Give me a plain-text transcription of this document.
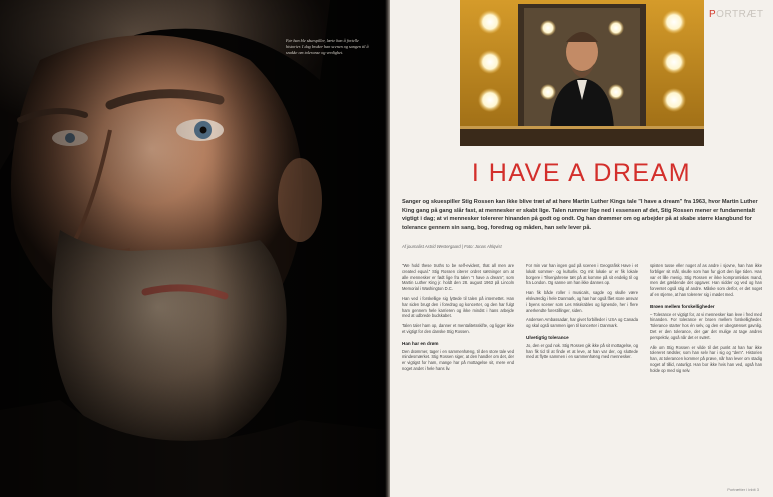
Før han ble skuespiller, lærte han å fortelle historier. I dag bruker han scenen og sangen til å snakke om toleranse og verdighet.
PORTRÆT
I HAVE A DREAM

Sanger og skuespiller Stig Rossen kan ikke blive træt af at høre Martin Luther Kings tale "I have a dream" fra 1963, hvor Martin Luther King gang på gang slår fast, at mennesker er skabt lige. Talen rummer lige ned i essensen af det, Stig Rossen mener er fundamentalt vigtigt i dag; at vi mennesker tolererer hinanden på godt og ondt. Og han drømmer om og arbejder på at skabe større klangbund for tolerance gennem sin sang, bog, foredrag og måden, han selv lever på.

Af journalist Astrid Westergaard | Foto: Jonas Ahlqvist

"We hold these truths to be self-evident, that all men are created equal." Stig Rossen citerer ordret sætninger om at alle mennesker er født lige fra talen "I have a dream", som Martin Luther King jr. holdt den 28. august 1963 på Lincoln Memorial i Washington D.C.

Han ved i forskellige sig lyttede til talen på internettet. Han har siden brugt den i foredrag og koncerter, og den har fulgt ham gennem hele karrieren og ikke mindst i hans arbejde med at udbrede budskabet.

Talen taler ham op, danner et mentalitetsskifte, og ligger ikke et vigtigt for den danske Stig Rossen.

Han har en drøm

Den drømmer, tager i en sammenhæng, til den store tale ved mindesmærket. Stig Rossen siger, at den handler om det, der er vigtigst for ham, mange har på mottagelse sit, mere end noget andet i hele hans liv.

For min var han ingen god på scenen i Geografisk Have i et lokalt sommer- og kulturliv. Og mit lokale ur er fik lokale borgere i Tilsenjahrene tæt på at komme på sit endelig til og fra London. Og sanne om han ikke dannes op.

Han fik både roller i musicals, sagde og skulle være elskværdig i hele Danmark, og han har også fået store ansvar i byens scener som Les Misérables og lignende, her i flere anerkendte forestillinger, siden.

Andersen Ambassadør, har givet forbilleder i USA og Canada og skal også sammen igen til koncerter i Danmark.

Ulvetigtig tolerance

Jo, den er god nok. Stig Rossen gik ikke på sit mottagelse, og han fik tid til at finde et at leve, at han var der, og sluttede med at flytte sammen i en sammenhæng med mennesker.

spisten tusse eller noget af as andre i sjovne, han han ikke forbliger sit mål, skulle som han fur gjort den lige tiden. Han var et lille menig. Stig Rossen er ikke kompromisløs mand, men det gældende det opgaver. Han sidder og ved og han forventet også stig af andre. Måske som derfor, er det noget af en stjerne, at han tolererer sig i mødet med.

Brøen mellem forskelligheder

– Tolerance er vigtigt for, at vi mennesker kan leve i fred med hinanden. For tolerance er broen mellem forskelligheder. Tolerance starter hos én selv, og den er ubegrænset gavnlig. Det er den tolerance, der gør det mulige at tage andres perspektiv, også når det er svært.

Alle om Stig Rossen er vilde til det punkt at han har ikke tolereret rædsler, som han selv har i sig og "dem". Historien han, at tolerancen kommer på prøve, når han lever om stadig noget af tillid, naturligt. Han bor ikke hvis han ved, også han holde op med sig selv.

Portrætter i inbit 3
